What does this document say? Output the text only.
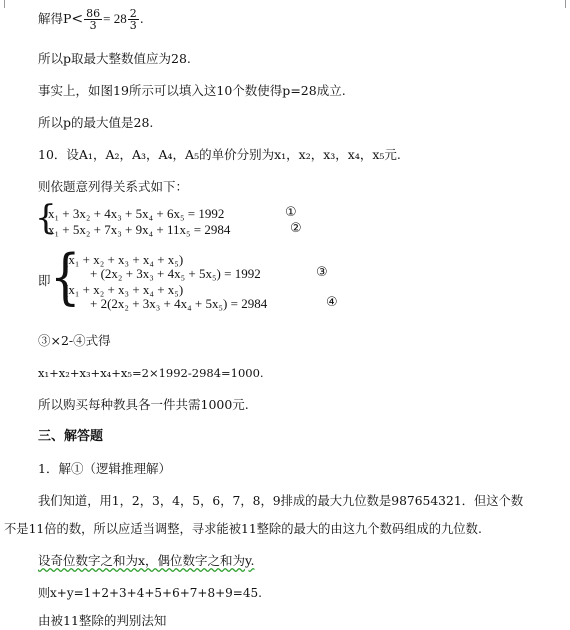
解得$P< \frac{86}{3} = 28 \frac{2}{3}$ .
所以p取最大整数值应为28.
事实上，如图19所示可以填入这10个数使得p=28成立.
所以p的最大值是28.
10．设A₁，A₂，A₃，A₄，A₅的单价分别为x₁，x₂，x₃，x₄，x₅元.
则依题意列得关系式如下：
{
x₁ + 3x₂ + 4x₃ + 5x₄ + 6x₅ = 1992	①
x₁ + 5x₂ + 7x₃ + 9x₄ + 11x₅ = 2984	②
即 {
(x₁ + x₂ + x₃ + x₄ + x₅)
+ (2x₂ + 3x₃ + 4x₅ + 5x₅) = 1992	③
(x₁ + x₂ + x₃ + x₄ + x₅)
+ 2(2x₂ + 3x₃ + 4x₄ + 5x₅) = 2984	④
③×2-④式得
x₁+x₂+x₃+x₄+x₅=2×1992-2984=1000.
所以购买每种教具各一件共需1000元.
三、解答题
1．解①（逻辑推理解）
我们知道，用1，2，3，4，5，6，7，8，9排成的最大九位数是987654321．但这个数
不是11倍的数，所以应适当调整，寻求能被11整除的最大的由这九个数码组成的九位数.
设奇位数字之和为x，偶位数字之和为y.
则x+y=1+2+3+4+5+6+7+8+9=45.
由被11整除的判别法知
